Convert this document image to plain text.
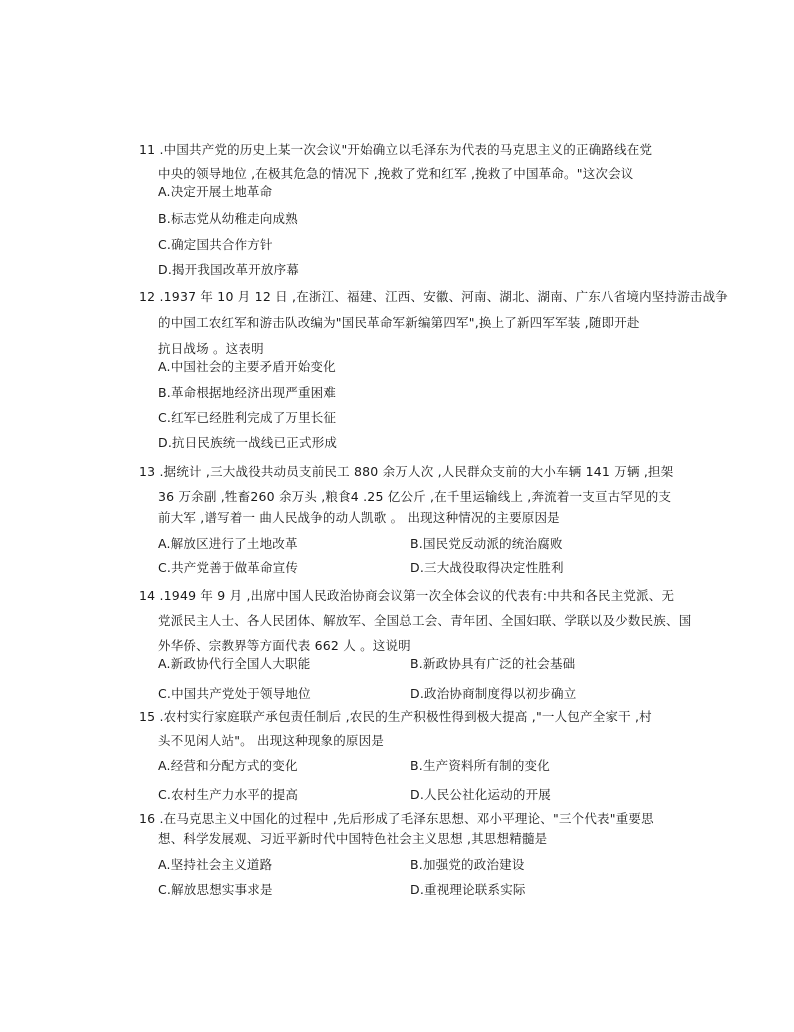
11 .中国共产党的历史上某一次会议"开始确立以毛泽东为代表的马克思主义的正确路线在党
中央的领导地位 ,在极其危急的情况下 ,挽救了党和红军 ,挽救了中国革命。"这次会议
A.决定开展土地革命
B.标志党从幼稚走向成熟
C.确定国共合作方针
D.揭开我国改革开放序幕
12 .1937 年 10 月 12 日 ,在浙江、福建、江西、安徽、河南、湖北、湖南、广东八省境内坚持游击战争
的中国工农红军和游击队改编为"国民革命军新编第四军",换上了新四军军装 ,随即开赴
抗日战场 。这表明
A.中国社会的主要矛盾开始变化
B.革命根据地经济出现严重困难
C.红军已经胜利完成了万里长征
D.抗日民族统一战线已正式形成
13 .据统计 ,三大战役共动员支前民工 880 余万人次 ,人民群众支前的大小车辆 141 万辆 ,担架
36 万余副 ,牲畜260 余万头 ,粮食4 .25 亿公斤 ,在千里运输线上 ,奔流着一支亘古罕见的支
前大军 ,谱写着一 曲人民战争的动人凯歌 。 出现这种情况的主要原因是
A.解放区进行了土地改革	B.国民党反动派的统治腐败
C.共产党善于做革命宣传	D.三大战役取得决定性胜利
14 .1949 年 9 月 ,出席中国人民政治协商会议第一次全体会议的代表有:中共和各民主党派、无
党派民主人士、各人民团体、解放军、全国总工会、青年团、全国妇联、学联以及少数民族、国
外华侨、宗教界等方面代表 662 人 。这说明
A.新政协代行全国人大职能	B.新政协具有广泛的社会基础
C.中国共产党处于领导地位	D.政治协商制度得以初步确立
15 .农村实行家庭联产承包责任制后 ,农民的生产积极性得到极大提高 ,"一人包产全家干 ,村
头不见闲人站"。 出现这种现象的原因是
A.经营和分配方式的变化	B.生产资料所有制的变化
C.农村生产力水平的提高	D.人民公社化运动的开展
16 .在马克思主义中国化的过程中 ,先后形成了毛泽东思想、邓小平理论、"三个代表"重要思
想、科学发展观、习近平新时代中国特色社会主义思想 ,其思想精髓是
A.坚持社会主义道路	B.加强党的政治建设
C.解放思想实事求是	D.重视理论联系实际
